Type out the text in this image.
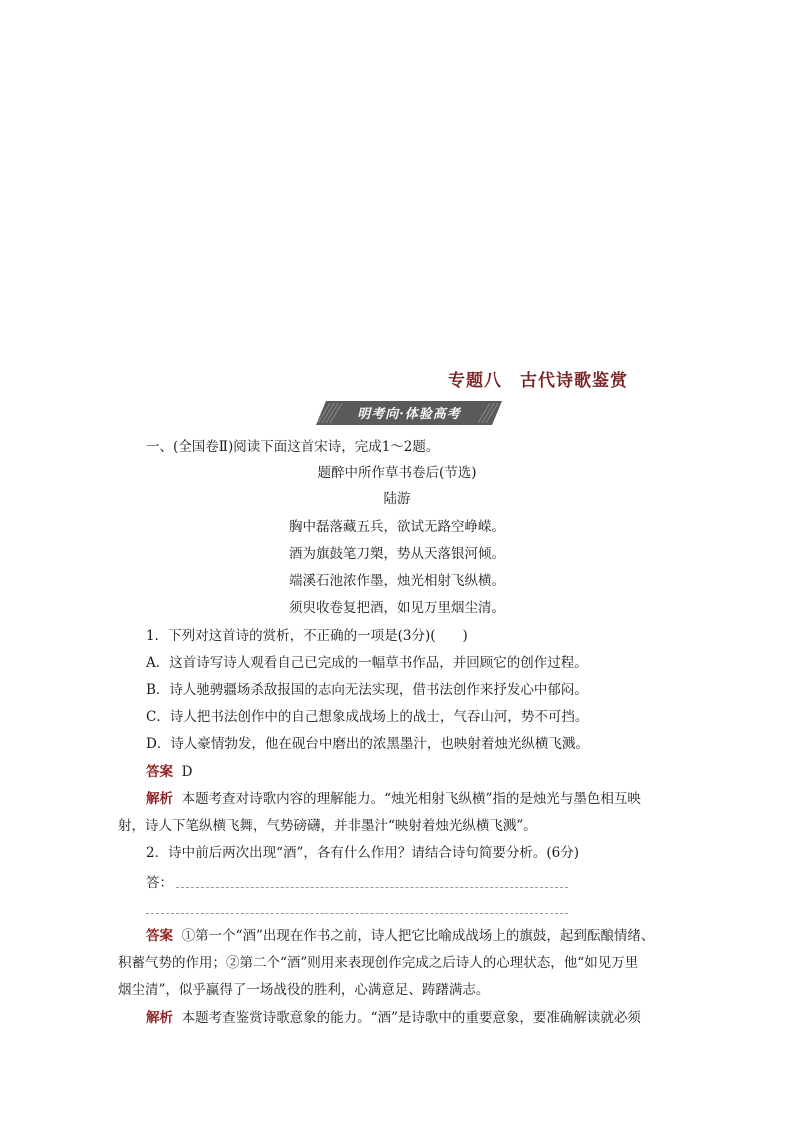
专题八　古代诗歌鉴赏
明考向·体验高考
一、(全国卷Ⅱ)阅读下面这首宋诗，完成1～2题。
题醉中所作草书卷后(节选)
陆游
胸中磊落藏五兵，欲试无路空峥嵘。
酒为旗鼓笔刀槊，势从天落银河倾。
端溪石池浓作墨，烛光相射飞纵横。
须臾收卷复把酒，如见万里烟尘清。
1．下列对这首诗的赏析，不正确的一项是(3分)(　　)
A．这首诗写诗人观看自己已完成的一幅草书作品，并回顾它的创作过程。
B．诗人驰骋疆场杀敌报国的志向无法实现，借书法创作来抒发心中郁闷。
C．诗人把书法创作中的自己想象成战场上的战士，气吞山河，势不可挡。
D．诗人豪情勃发，他在砚台中磨出的浓黑墨汁，也映射着烛光纵横飞溅。
答案 D
解析 本题考查对诗歌内容的理解能力。“烛光相射飞纵横”指的是烛光与墨色相互映
射，诗人下笔纵横飞舞，气势磅礴，并非墨汁“映射着烛光纵横飞溅”。
2．诗中前后两次出现“酒”，各有什么作用？请结合诗句简要分析。(6分)
答：
答案 ①第一个“酒”出现在作书之前，诗人把它比喻成战场上的旗鼓，起到酝酿情绪、
积蓄气势的作用；②第二个“酒”则用来表现创作完成之后诗人的心理状态，他“如见万里
烟尘清”，似乎赢得了一场战役的胜利，心满意足、踌躇满志。
解析 本题考查鉴赏诗歌意象的能力。“酒”是诗歌中的重要意象，要准确解读就必须
